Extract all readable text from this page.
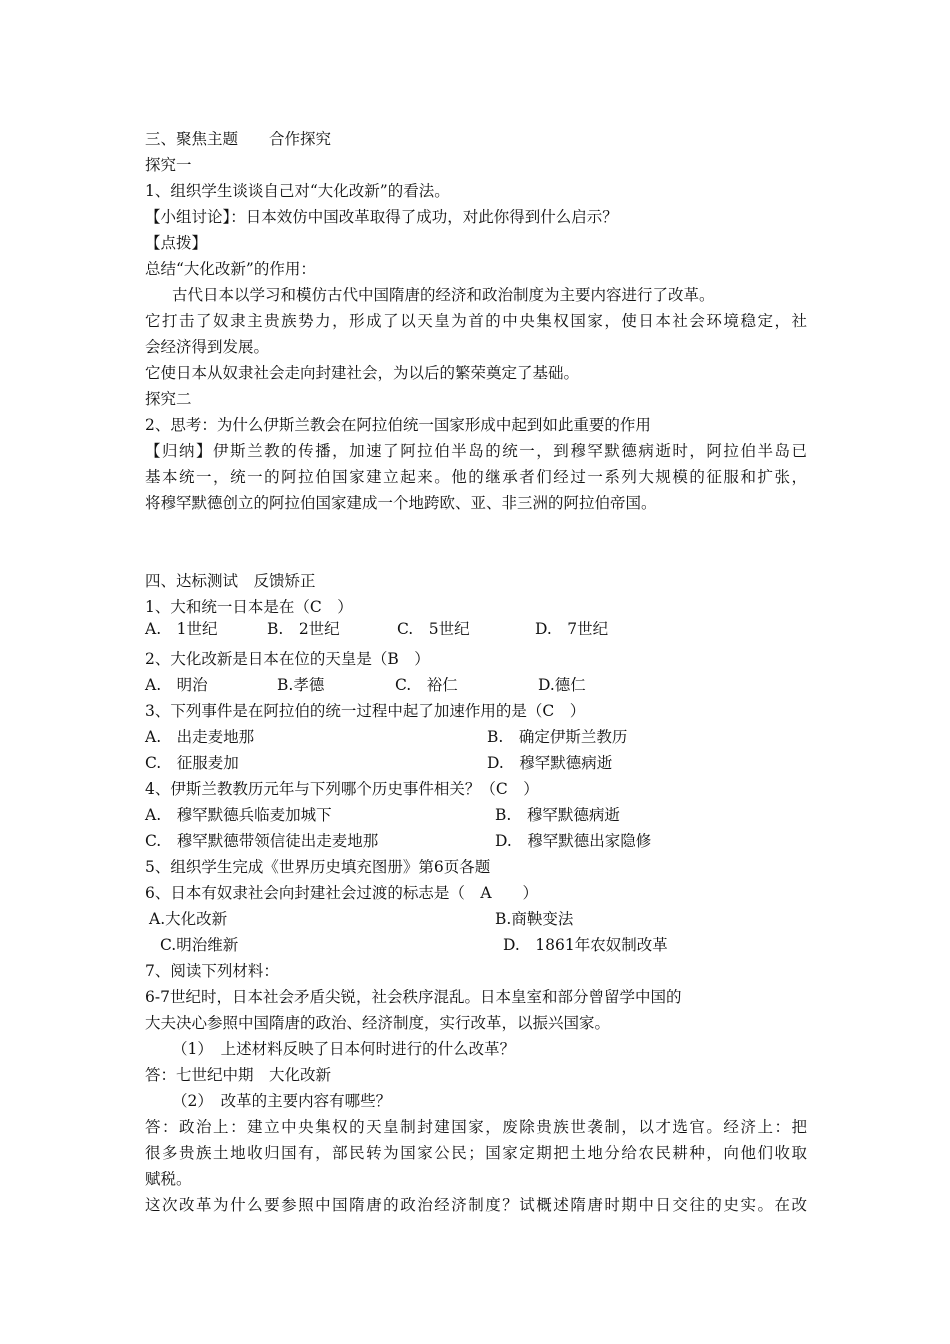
三、聚焦主题　　合作探究
探究一
1、组织学生谈谈自己对“大化改新”的看法。
【小组讨论】：日本效仿中国改革取得了成功，对此你得到什么启示？
【点拨】
总结“大化改新”的作用：
古代日本以学习和模仿古代中国隋唐的经济和政治制度为主要内容进行了改革。
它打击了奴隶主贵族势力，形成了以天皇为首的中央集权国家，使日本社会环境稳定，社
会经济得到发展。
它使日本从奴隶社会走向封建社会，为以后的繁荣奠定了基础。
探究二
2、思考：为什么伊斯兰教会在阿拉伯统一国家形成中起到如此重要的作用
【归纳】伊斯兰教的传播，加速了阿拉伯半岛的统一，到穆罕默德病逝时，阿拉伯半岛已
基本统一，统一的阿拉伯国家建立起来。他的继承者们经过一系列大规模的征服和扩张，
将穆罕默德创立的阿拉伯国家建成一个地跨欧、亚、非三洲的阿拉伯帝国。
四、达标测试　反馈矫正
1、大和统一日本是在（C　）
A.　1世纪	B.　2世纪	C.　5世纪	D.　7世纪
2、大化改新是日本在位的天皇是（B　）
A.　明治	B.孝德	C.　裕仁	D.德仁
3、下列事件是在阿拉伯的统一过程中起了加速作用的是（C　）
A.　出走麦地那	B.　确定伊斯兰教历
C.　征服麦加	D.　穆罕默德病逝
4、伊斯兰教教历元年与下列哪个历史事件相关？（C　）
A.　穆罕默德兵临麦加城下	B.　穆罕默德病逝
C.　穆罕默德带领信徒出走麦地那	D.　穆罕默德出家隐修
5、组织学生完成《世界历史填充图册》第6页各题
6、日本有奴隶社会向封建社会过渡的标志是（　A　　）
A.大化改新	B.商鞅变法
C.明治维新	D.　1861年农奴制改革
7、阅读下列材料：
6-7世纪时，日本社会矛盾尖锐，社会秩序混乱。日本皇室和部分曾留学中国的
大夫决心参照中国隋唐的政治、经济制度，实行改革，以振兴国家。
（1）　上述材料反映了日本何时进行的什么改革？
答：七世纪中期　大化改新
（2）　改革的主要内容有哪些？
答：政治上：建立中央集权的天皇制封建国家，废除贵族世袭制，以才选官。经济上：把
很多贵族土地收归国有，部民转为国家公民；国家定期把土地分给农民耕种，向他们收取
赋税。
这次改革为什么要参照中国隋唐的政治经济制度？试概述隋唐时期中日交往的史实。在改
